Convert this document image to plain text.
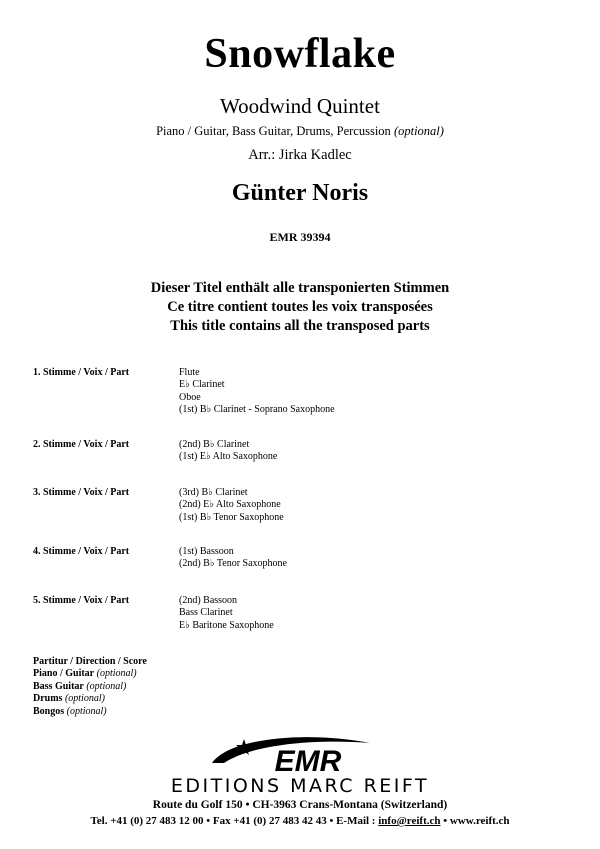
Snowflake
Woodwind Quintet
Piano / Guitar, Bass Guitar, Drums, Percussion (optional)
Arr.: Jirka Kadlec
Günter Noris
EMR 39394
Dieser Titel enthält alle transponierten Stimmen
Ce titre contient toutes les voix transposées
This title contains all the transposed parts
1. Stimme / Voix / Part	Flute
E♭ Clarinet
Oboe
(1st) B♭ Clarinet - Soprano Saxophone
2. Stimme / Voix / Part	(2nd) B♭ Clarinet
(1st) E♭ Alto Saxophone
3. Stimme / Voix / Part	(3rd) B♭ Clarinet
(2nd) E♭ Alto Saxophone
(1st) B♭ Tenor Saxophone
4. Stimme / Voix / Part	(1st) Bassoon
(2nd) B♭ Tenor Saxophone
5. Stimme / Voix / Part	(2nd) Bassoon
Bass Clarinet
E♭ Baritone Saxophone
Partitur / Direction / Score
Piano / Guitar (optional)
Bass Guitar (optional)
Drums (optional)
Bongos (optional)
EMR
EDITIONS MARC REIFT
Route du Golf 150 • CH-3963 Crans-Montana (Switzerland)
Tel. +41 (0) 27 483 12 00 • Fax +41 (0) 27 483 42 43 • E-Mail : info@reift.ch • www.reift.ch
